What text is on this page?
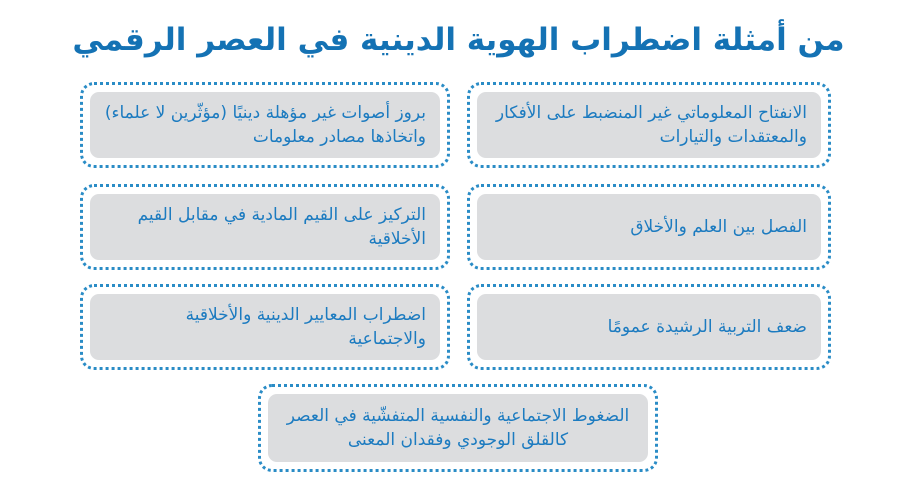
من أمثلة اضطراب الهوية الدينية في العصر الرقمي
الانفتاح المعلوماتي غير المنضبط على الأفكار والمعتقدات والتيارات
بروز أصوات غير مؤهلة دينيًا (مؤثّرين لا علماء) واتخاذها مصادر معلومات
الفصل بين العلم والأخلاق
التركيز على القيم المادية في مقابل القيم الأخلاقية
ضعف التربية الرشيدة عمومًا
اضطراب المعايير الدينية والأخلاقية والاجتماعية
الضغوط الاجتماعية والنفسية المتفشّية في العصر كالقلق الوجودي وفقدان المعنى
